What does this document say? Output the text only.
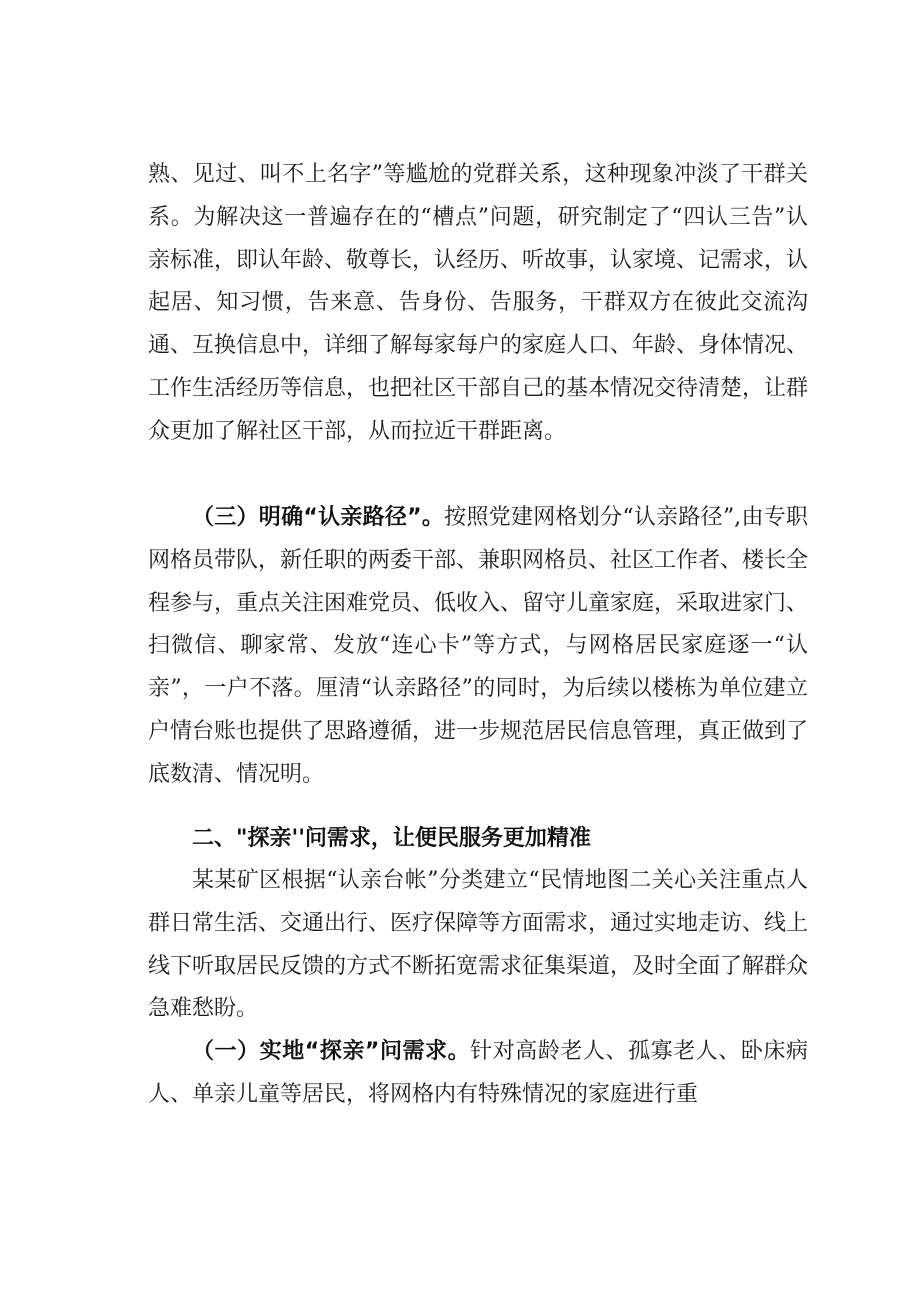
熟、见过、叫不上名字”等尴尬的党群关系，这种现象冲淡了干群关系。为解决这一普遍存在的“槽点”问题，研究制定了“四认三告”认亲标准，即认年龄、敬尊长，认经历、听故事，认家境、记需求，认起居、知习惯，告来意、告身份、告服务，干群双方在彼此交流沟通、互换信息中，详细了解每家每户的家庭人口、年龄、身体情况、工作生活经历等信息，也把社区干部自己的基本情况交待清楚，让群众更加了解社区干部，从而拉近干群距离。

（三）明确“认亲路径”。按照党建网格划分“认亲路径”,由专职网格员带队，新任职的两委干部、兼职网格员、社区工作者、楼长全程参与，重点关注困难党员、低收入、留守儿童家庭，采取进家门、扫微信、聊家常、发放“连心卡”等方式，与网格居民家庭逐一“认亲”，一户不落。厘清“认亲路径”的同时，为后续以楼栋为单位建立户情台账也提供了思路遵循，进一步规范居民信息管理，真正做到了底数清、情况明。

二、"探亲''问需求，让便民服务更加精准

某某矿区根据“认亲台帐”分类建立“民情地图二关心关注重点人群日常生活、交通出行、医疗保障等方面需求，通过实地走访、线上线下听取居民反馈的方式不断拓宽需求征集渠道，及时全面了解群众急难愁盼。

（一）实地“探亲”问需求。针对高龄老人、孤寡老人、卧床病人、单亲儿童等居民，将网格内有特殊情况的家庭进行重
